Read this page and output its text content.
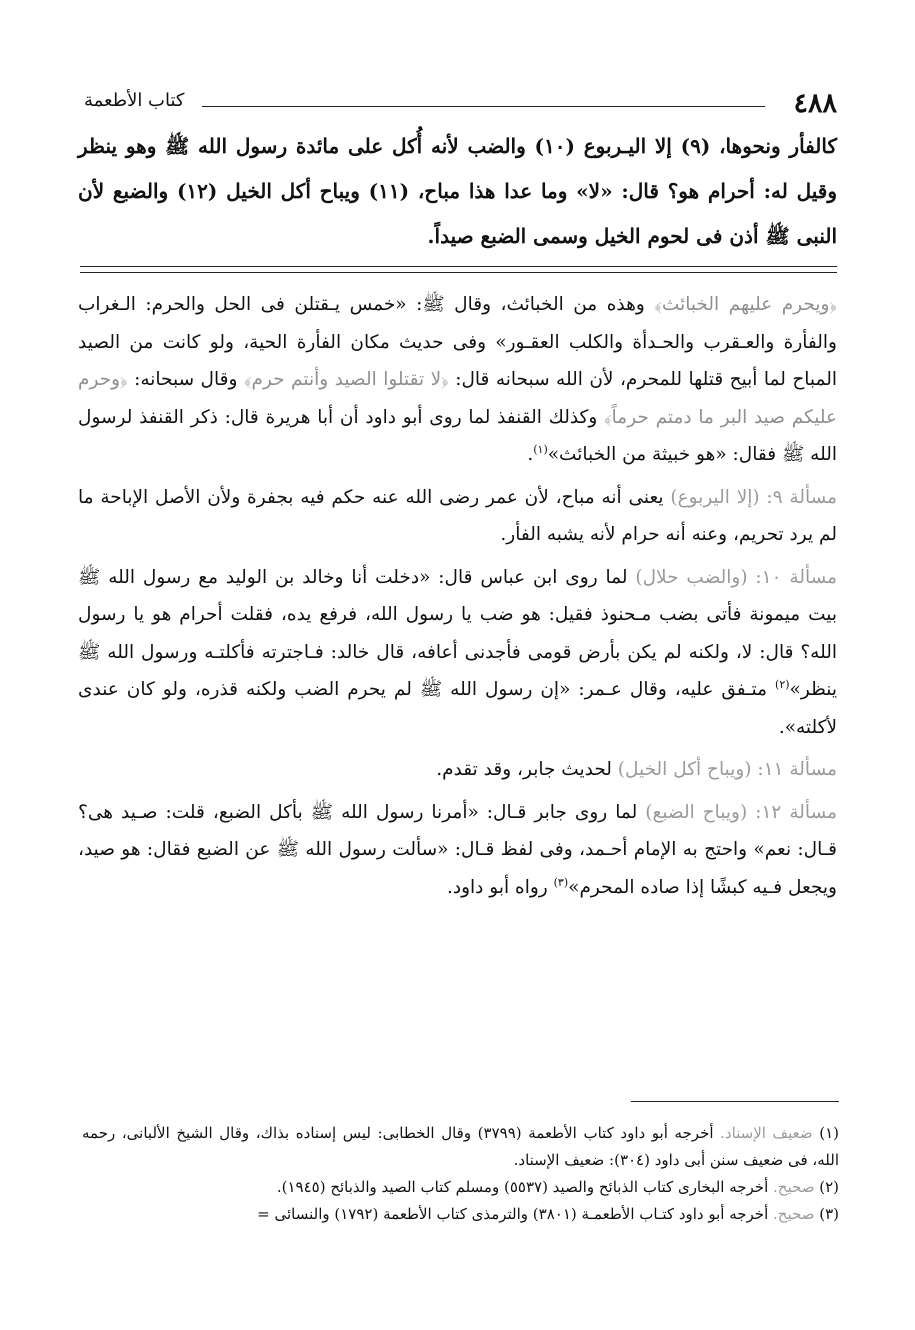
٤٨٨
كتاب الأطعمة
كالفأر ونحوها، (٩) إلا اليـربوع (١٠) والضب لأنه أُكل على مائدة رسول الله ﷺ وهو ينظر وقيل له: أحرام هو؟ قال: «لا» وما عدا هذا مباح، (١١) ويباح أكل الخيل (١٢) والضبع لأن النبى ﷺ أذن فى لحوم الخيل وسمى الضبع صيداً.

﴿ويحرم عليهم الخبائث﴾ وهذه من الخبائث، وقال ﷺ: «خمس يـقتلن فى الحل والحرم: الـغراب والفأرة والعـقرب والحـدأة والكلب العقـور» وفى حديث مكان الفأرة الحية، ولو كانت من الصيد المباح لما أبيح قتلها للمحرم، لأن الله سبحانه قال: ﴿لا تقتلوا الصيد وأنتم حرم﴾ وقال سبحانه: ﴿وحرم عليكم صيد البر ما دمتم حرماً﴾ وكذلك القنفذ لما روى أبو داود أن أبا هريرة قال: ذكر القنفذ لرسول الله ﷺ فقال: «هو خبيثة من الخبائث»$^{(١)}$.

مسألة ٩: (إلا اليربوع) يعنى أنه مباح، لأن عمر رضى الله عنه حكم فيه بجفرة ولأن الأصل الإباحة ما لم يرد تحريم، وعنه أنه حرام لأنه يشبه الفأر.

مسألة ١٠: (والضب حلال) لما روى ابن عباس قال: «دخلت أنا وخالد بن الوليد مع رسول الله ﷺ بيت ميمونة فأتى بضب مـحنوذ فقيل: هو ضب يا رسول الله، فرفع يده، فقلت أحرام هو يا رسول الله؟ قال: لا، ولكنه لم يكن بأرض قومى فأجدنى أعافه، قال خالد: فـاجترته فأكلتـه ورسول الله ﷺ ينظر»$^{(٢)}$ متـفق عليه، وقال عـمر: «إن رسول الله ﷺ لم يحرم الضب ولكنه قذره، ولو كان عندى لأكلته».

مسألة ١١: (ويباح أكل الخيل) لحديث جابر، وقد تقدم.

مسألة ١٢: (ويباح الضبع) لما روى جابر قـال: «أمرنا رسول الله ﷺ بأكل الضبع، قلت: صـيد هى؟ قـال: نعم» واحتج به الإمام أحـمد، وفى لفظ قـال: «سألت رسول الله ﷺ عن الضبع فقال: هو صيد، ويجعل فـيه كبشًا إذا صاده المحرم»$^{(٣)}$ رواه أبو داود.

(١) ضعيف الإسناد. أخرجه أبو داود كتاب الأطعمة (٣٧٩٩) وقال الخطابى: ليس إسناده بذاك، وقال الشيخ الألبانى، رحمه الله، فى ضعيف سنن أبى داود (٣٠٤): ضعيف الإسناد.

(٢) صحيح. أخرجه البخارى كتاب الذبائح والصيد (٥٥٣٧) ومسلم كتاب الصيد والذبائح (١٩٤٥).

(٣) صحيح. أخرجه أبو داود كتـاب الأطعمـة (٣٨٠١) والترمذى كتاب الأطعمة (١٧٩٢) والنسائى =
